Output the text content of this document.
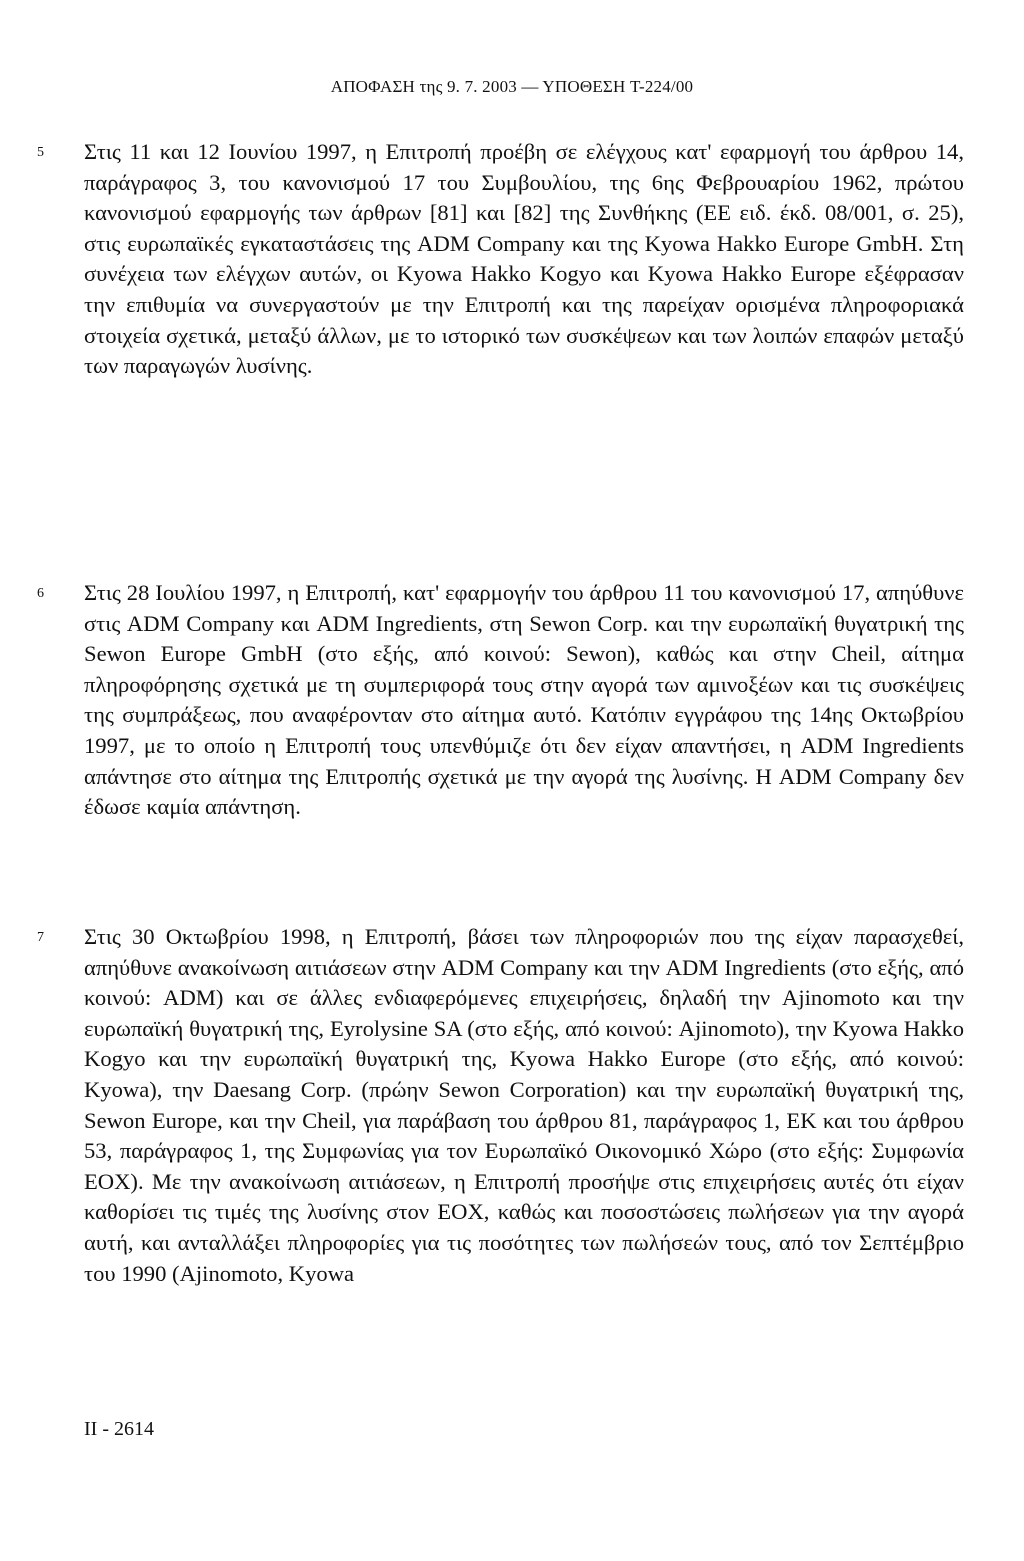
ΑΠΟΦΑΣΗ της 9. 7. 2003 — ΥΠΟΘΕΣΗ T-224/00
5 Στις 11 και 12 Ιουνίου 1997, η Επιτροπή προέβη σε ελέγχους κατ' εφαρμογή του άρθρου 14, παράγραφος 3, του κανονισμού 17 του Συμβουλίου, της 6ης Φεβρουαρίου 1962, πρώτου κανονισμού εφαρμογής των άρθρων [81] και [82] της Συνθήκης (ΕΕ ειδ. έκδ. 08/001, σ. 25), στις ευρωπαϊκές εγκαταστάσεις της ADM Company και της Kyowa Hakko Europe GmbH. Στη συνέχεια των ελέγχων αυτών, οι Kyowa Hakko Kogyo και Kyowa Hakko Europe εξέφρασαν την επιθυμία να συνεργαστούν με την Επιτροπή και της παρείχαν ορισμένα πληροφοριακά στοιχεία σχετικά, μεταξύ άλλων, με το ιστορικό των συσκέψεων και των λοιπών επαφών μεταξύ των παραγωγών λυσίνης.
6 Στις 28 Ιουλίου 1997, η Επιτροπή, κατ' εφαρμογήν του άρθρου 11 του κανονισμού 17, απηύθυνε στις ADM Company και ADM Ingredients, στη Sewon Corp. και την ευρωπαϊκή θυγατρική της Sewon Europe GmbH (στο εξής, από κοινού: Sewon), καθώς και στην Cheil, αίτημα πληροφόρησης σχετικά με τη συμπεριφορά τους στην αγορά των αμινοξέων και τις συσκέψεις της συμπράξεως, που αναφέρονταν στο αίτημα αυτό. Κατόπιν εγγράφου της 14ης Οκτωβρίου 1997, με το οποίο η Επιτροπή τους υπενθύμιζε ότι δεν είχαν απαντήσει, η ADM Ingredients απάντησε στο αίτημα της Επιτροπής σχετικά με την αγορά της λυσίνης. Η ADM Company δεν έδωσε καμία απάντηση.
7 Στις 30 Οκτωβρίου 1998, η Επιτροπή, βάσει των πληροφοριών που της είχαν παρασχεθεί, απηύθυνε ανακοίνωση αιτιάσεων στην ADM Company και την ADM Ingredients (στο εξής, από κοινού: ADM) και σε άλλες ενδιαφερόμενες επιχειρήσεις, δηλαδή την Ajinomoto και την ευρωπαϊκή θυγατρική της, Eyrolysine SA (στο εξής, από κοινού: Ajinomoto), την Kyowa Hakko Kogyo και την ευρωπαϊκή θυγατρική της, Kyowa Hakko Europe (στο εξής, από κοινού: Kyowa), την Daesang Corp. (πρώην Sewon Corporation) και την ευρωπαϊκή θυγατρική της, Sewon Europe, και την Cheil, για παράβαση του άρθρου 81, παράγραφος 1, ΕΚ και του άρθρου 53, παράγραφος 1, της Συμφωνίας για τον Ευρωπαϊκό Οικονομικό Χώρο (στο εξής: Συμφωνία ΕΟΧ). Με την ανακοίνωση αιτιάσεων, η Επιτροπή προσήψε στις επιχειρήσεις αυτές ότι είχαν καθορίσει τις τιμές της λυσίνης στον ΕΟΧ, καθώς και ποσοστώσεις πωλήσεων για την αγορά αυτή, και ανταλλάξει πληροφορίες για τις ποσότητες των πωλήσεών τους, από τον Σεπτέμβριο του 1990 (Ajinomoto, Kyowa
II - 2614
